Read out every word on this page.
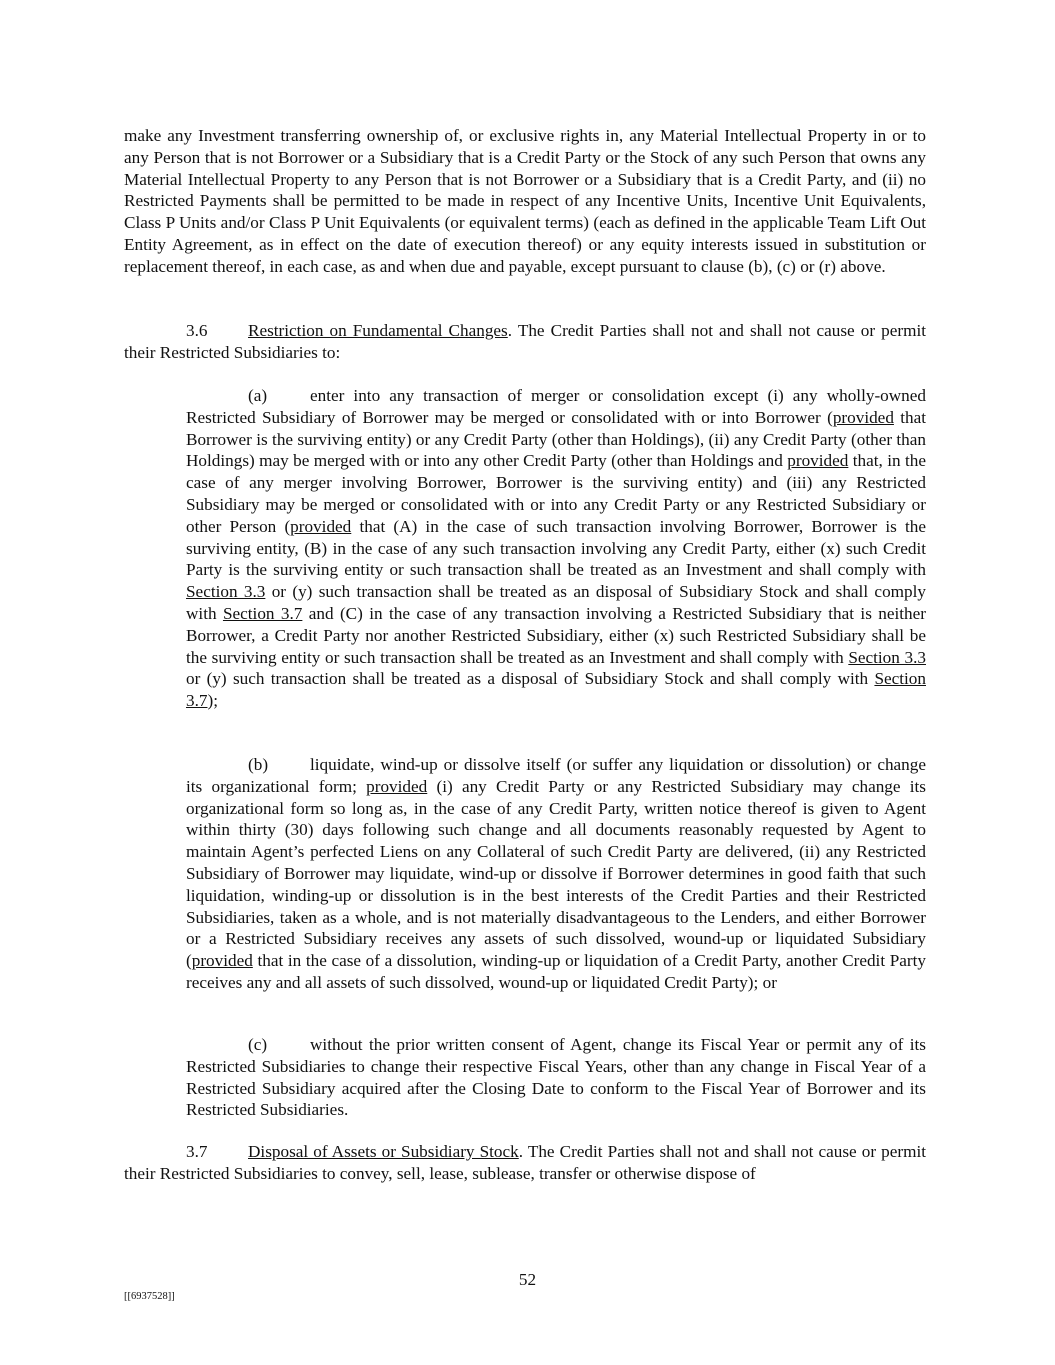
make any Investment transferring ownership of, or exclusive rights in, any Material Intellectual Property in or to any Person that is not Borrower or a Subsidiary that is a Credit Party or the Stock of any such Person that owns any Material Intellectual Property to any Person that is not Borrower or a Subsidiary that is a Credit Party, and (ii) no Restricted Payments shall be permitted to be made in respect of any Incentive Units, Incentive Unit Equivalents, Class P Units and/or Class P Unit Equivalents (or equivalent terms) (each as defined in the applicable Team Lift Out Entity Agreement, as in effect on the date of execution thereof) or any equity interests issued in substitution or replacement thereof, in each case, as and when due and payable, except pursuant to clause (b), (c) or (r) above.

3.6 Restriction on Fundamental Changes. The Credit Parties shall not and shall not cause or permit their Restricted Subsidiaries to:

(a) enter into any transaction of merger or consolidation except (i) any wholly-owned Restricted Subsidiary of Borrower may be merged or consolidated with or into Borrower (provided that Borrower is the surviving entity) or any Credit Party (other than Holdings), (ii) any Credit Party (other than Holdings) may be merged with or into any other Credit Party (other than Holdings and provided that, in the case of any merger involving Borrower, Borrower is the surviving entity) and (iii) any Restricted Subsidiary may be merged or consolidated with or into any Credit Party or any Restricted Subsidiary or other Person (provided that (A) in the case of such transaction involving Borrower, Borrower is the surviving entity, (B) in the case of any such transaction involving any Credit Party, either (x) such Credit Party is the surviving entity or such transaction shall be treated as an Investment and shall comply with Section 3.3 or (y) such transaction shall be treated as an disposal of Subsidiary Stock and shall comply with Section 3.7 and (C) in the case of any transaction involving a Restricted Subsidiary that is neither Borrower, a Credit Party nor another Restricted Subsidiary, either (x) such Restricted Subsidiary shall be the surviving entity or such transaction shall be treated as an Investment and shall comply with Section 3.3 or (y) such transaction shall be treated as a disposal of Subsidiary Stock and shall comply with Section 3.7);

(b) liquidate, wind-up or dissolve itself (or suffer any liquidation or dissolution) or change its organizational form; provided (i) any Credit Party or any Restricted Subsidiary may change its organizational form so long as, in the case of any Credit Party, written notice thereof is given to Agent within thirty (30) days following such change and all documents reasonably requested by Agent to maintain Agent’s perfected Liens on any Collateral of such Credit Party are delivered, (ii) any Restricted Subsidiary of Borrower may liquidate, wind-up or dissolve if Borrower determines in good faith that such liquidation, winding-up or dissolution is in the best interests of the Credit Parties and their Restricted Subsidiaries, taken as a whole, and is not materially disadvantageous to the Lenders, and either Borrower or a Restricted Subsidiary receives any assets of such dissolved, wound-up or liquidated Subsidiary (provided that in the case of a dissolution, winding-up or liquidation of a Credit Party, another Credit Party receives any and all assets of such dissolved, wound-up or liquidated Credit Party); or

(c) without the prior written consent of Agent, change its Fiscal Year or permit any of its Restricted Subsidiaries to change their respective Fiscal Years, other than any change in Fiscal Year of a Restricted Subsidiary acquired after the Closing Date to conform to the Fiscal Year of Borrower and its Restricted Subsidiaries.

3.7 Disposal of Assets or Subsidiary Stock. The Credit Parties shall not and shall not cause or permit their Restricted Subsidiaries to convey, sell, lease, sublease, transfer or otherwise dispose of

52

[[6937528]]
